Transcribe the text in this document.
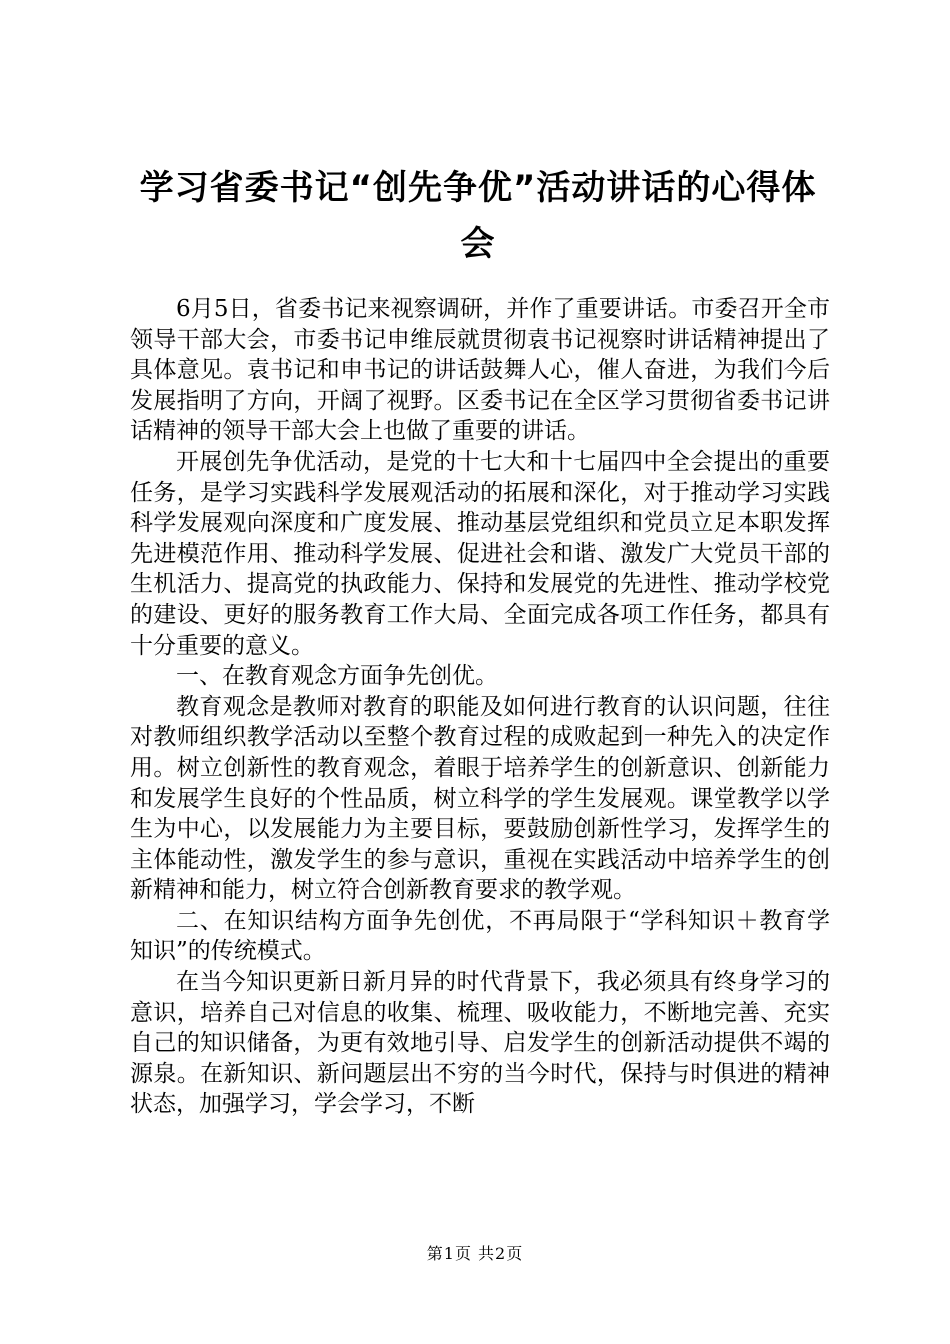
学习省委书记“创先争优”活动讲话的心得体会

6月5日，省委书记来视察调研，并作了重要讲话。市委召开全市领导干部大会，市委书记申维辰就贯彻袁书记视察时讲话精神提出了具体意见。袁书记和申书记的讲话鼓舞人心，催人奋进，为我们今后发展指明了方向，开阔了视野。区委书记在全区学习贯彻省委书记讲话精神的领导干部大会上也做了重要的讲话。

开展创先争优活动，是党的十七大和十七届四中全会提出的重要任务，是学习实践科学发展观活动的拓展和深化，对于推动学习实践科学发展观向深度和广度发展、推动基层党组织和党员立足本职发挥先进模范作用、推动科学发展、促进社会和谐、激发广大党员干部的生机活力、提高党的执政能力、保持和发展党的先进性、推动学校党的建设、更好的服务教育工作大局、全面完成各项工作任务，都具有十分重要的意义。

一、在教育观念方面争先创优。

教育观念是教师对教育的职能及如何进行教育的认识问题，往往对教师组织教学活动以至整个教育过程的成败起到一种先入的决定作用。树立创新性的教育观念，着眼于培养学生的创新意识、创新能力和发展学生良好的个性品质，树立科学的学生发展观。课堂教学以学生为中心，以发展能力为主要目标，要鼓励创新性学习，发挥学生的主体能动性，激发学生的参与意识，重视在实践活动中培养学生的创新精神和能力，树立符合创新教育要求的教学观。

二、在知识结构方面争先创优，不再局限于“学科知识＋教育学知识”的传统模式。

在当今知识更新日新月异的时代背景下，我必须具有终身学习的意识，培养自己对信息的收集、梳理、吸收能力，不断地完善、充实自己的知识储备，为更有效地引导、启发学生的创新活动提供不竭的源泉。在新知识、新问题层出不穷的当今时代，保持与时俱进的精神状态，加强学习，学会学习，不断

第1页 共2页
